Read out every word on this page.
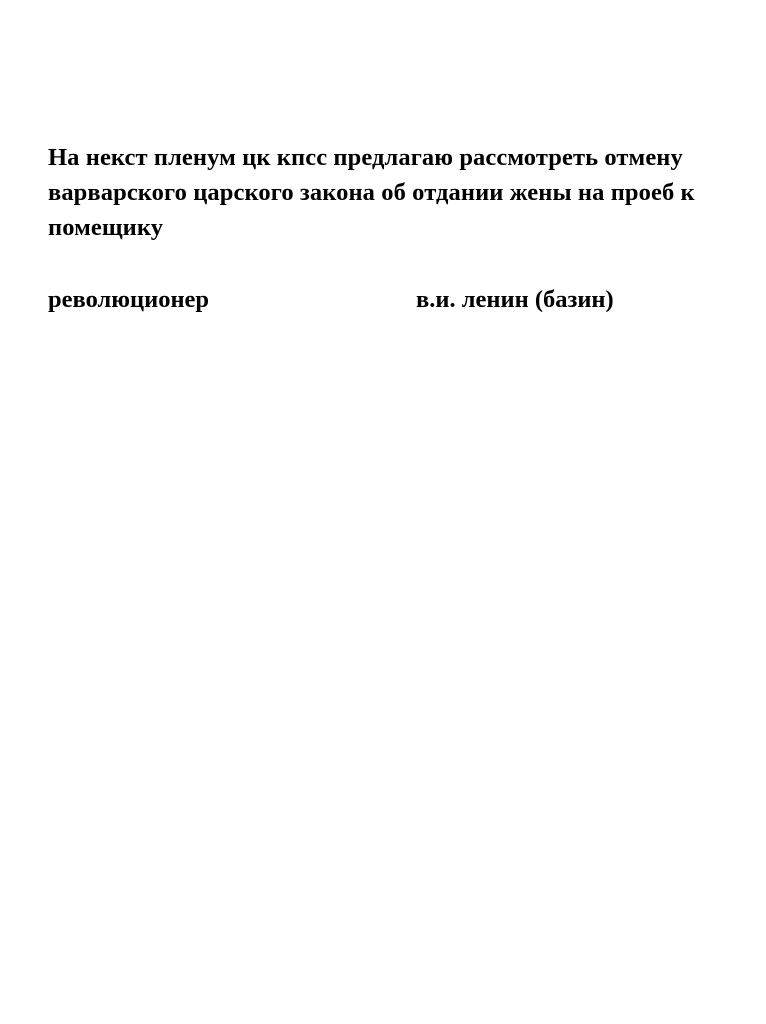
На некст пленум цк кпсс предлагаю рассмотреть отмену варварского царского закона об отдании жены на проеб к помещику

революционер	в.и. ленин (базин)
